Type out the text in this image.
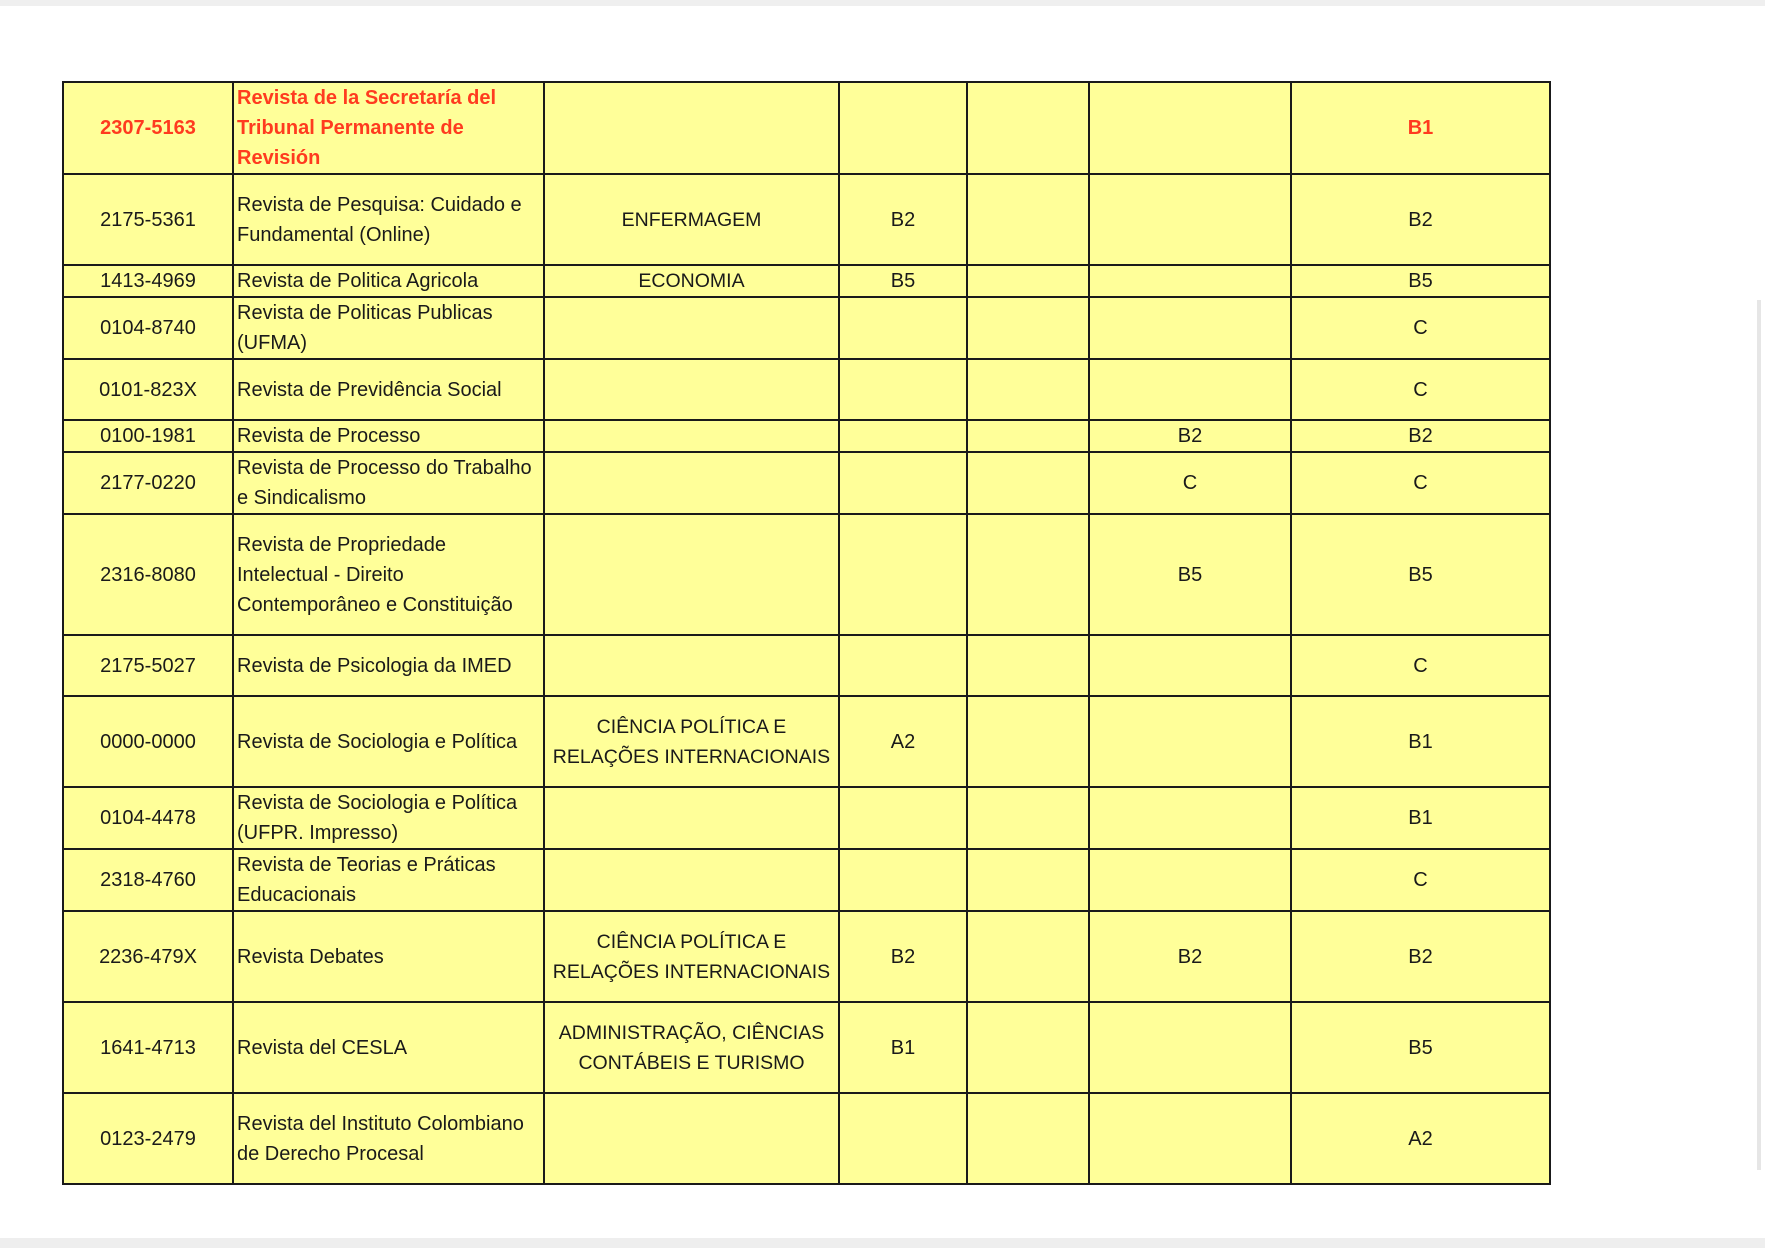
2307-5163	Revista de la Secretaría del Tribunal Permanente de Revisión					B1
2175-5361	Revista de Pesquisa: Cuidado e Fundamental (Online)	ENFERMAGEM	B2			B2
1413-4969	Revista de Politica Agricola	ECONOMIA	B5			B5
0104-8740	Revista de Politicas Publicas (UFMA)					C
0101-823X	Revista de Previdência Social					C
0100-1981	Revista de Processo				B2	B2
2177-0220	Revista de Processo do Trabalho e Sindicalismo				C	C
2316-8080	Revista de Propriedade Intelectual - Direito Contemporâneo e Constituição				B5	B5
2175-5027	Revista de Psicologia da IMED					C
0000-0000	Revista de Sociologia e Política	CIÊNCIA POLÍTICA E RELAÇÕES INTERNACIONAIS	A2			B1
0104-4478	Revista de Sociologia e Política (UFPR. Impresso)					B1
2318-4760	Revista de Teorias e Práticas Educacionais					C
2236-479X	Revista Debates	CIÊNCIA POLÍTICA E RELAÇÕES INTERNACIONAIS	B2		B2	B2
1641-4713	Revista del CESLA	ADMINISTRAÇÃO, CIÊNCIAS CONTÁBEIS E TURISMO	B1			B5
0123-2479	Revista del Instituto Colombiano de Derecho Procesal					A2
